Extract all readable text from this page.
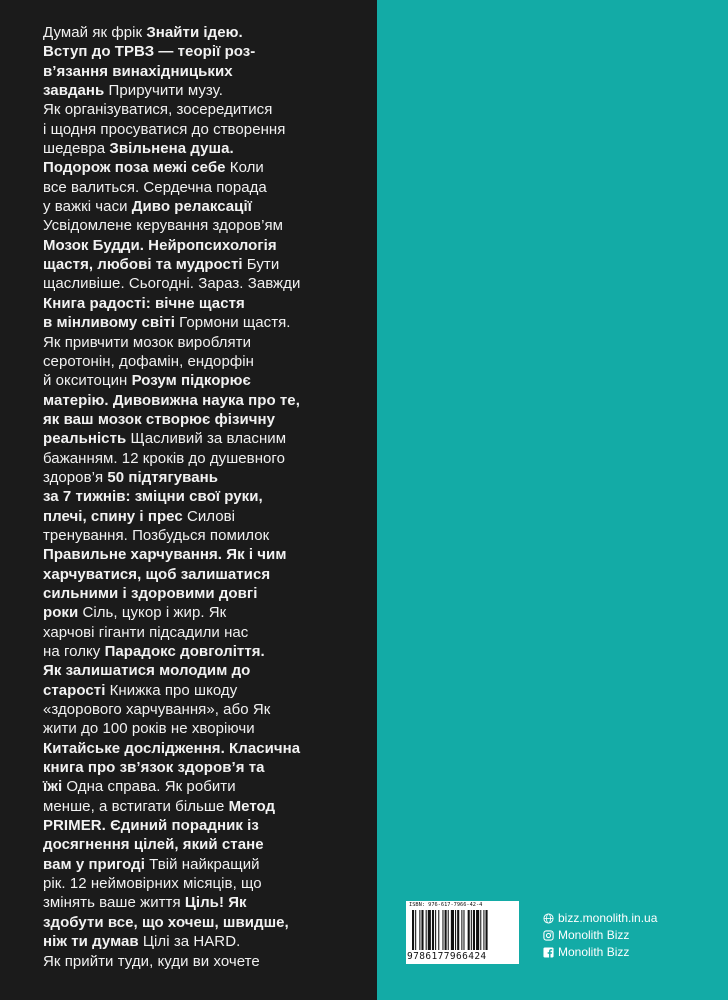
Думай як фрік Знайти ідею.

Вступ до ТРВЗ — теорії роз-

в’язання винахідницьких

завдань Приручити музу.

Як організуватися, зосередитися

і щодня просуватися до створення

шедевра Звільнена душа.

Подорож поза межі себе Коли

все валиться. Сердечна порада

у важкі часи Диво релаксації

Усвідомлене керування здоров’ям

Мозок Будди. Нейропсихологія

щастя, любові та мудрості Бути

щасливіше. Сьогодні. Зараз. Завжди

Книга радості: вічне щастя

в мінливому світі Гормони щастя.

Як привчити мозок виробляти

серотонін, дофамін, ендорфін

й окситоцин Розум підкорює

матерію. Дивовижна наука про те,

як ваш мозок створює фізичну

реальність Щасливий за власним

бажанням. 12 кроків до душевного

здоров’я 50 підтягувань

за 7 тижнів: зміцни свої руки,

плечі, спину і прес Силові

тренування. Позбудься помилок

Правильне харчування. Як і чим

харчуватися, щоб залишатися

сильними і здоровими довгі

роки Сіль, цукор і жир. Як

харчові гіганти підсадили нас

на голку Парадокс довголіття.

Як залишатися молодим до

старості Книжка про шкоду

«здорового харчування», або Як

жити до 100 років не хворіючи

Китайське дослідження. Класична

книга про зв’язок здоров’я та

їжі Одна справа. Як робити

менше, а встигати більше Метод

PRIMER. Єдиний порадник із

досягнення цілей, який стане

вам у пригоді Твій найкращий

рік. 12 неймовірних місяців, що

змінять ваше життя Ціль! Як

здобути все, що хочеш, швидше,

ніж ти думав Цілі за HARD.

Як прийти туди, куди ви хочете

ISBN: 976-617-7966-42-4
9786177966424
bizz.monolith.in.ua
Monolith Bizz
Monolith Bizz
